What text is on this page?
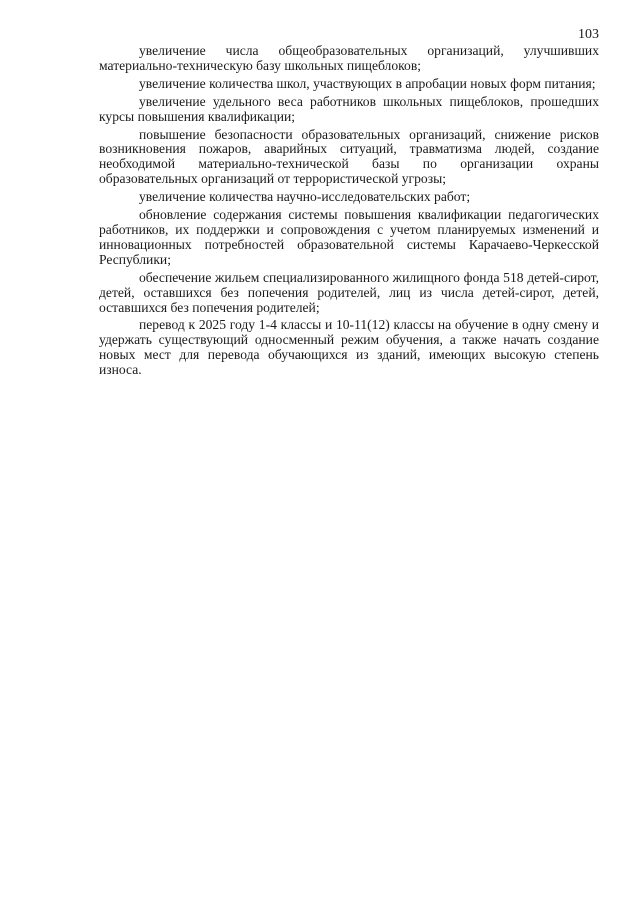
103

увеличение числа общеобразовательных организаций, улучшивших материально-техническую базу школьных пищеблоков;

увеличение количества школ, участвующих в апробации новых форм питания;

увеличение удельного веса работников школьных пищеблоков, прошедших курсы повышения квалификации;

повышение безопасности образовательных организаций, снижение рисков возникновения пожаров, аварийных ситуаций, травматизма людей, создание необходимой материально-технической базы по организации охраны образовательных организаций от террористической угрозы;

увеличение количества научно-исследовательских работ;

обновление содержания системы повышения квалификации педагогических работников, их поддержки и сопровождения с учетом планируемых изменений и инновационных потребностей образовательной системы Карачаево-Черкесской Республики;

обеспечение жильем специализированного жилищного фонда 518 детей-сирот, детей, оставшихся без попечения родителей, лиц из числа детей-сирот, детей, оставшихся без попечения родителей;

перевод к 2025 году 1-4 классы и 10-11(12) классы на обучение в одну смену и удержать существующий односменный режим обучения, а также начать создание новых мест для перевода обучающихся из зданий, имеющих высокую степень износа.
